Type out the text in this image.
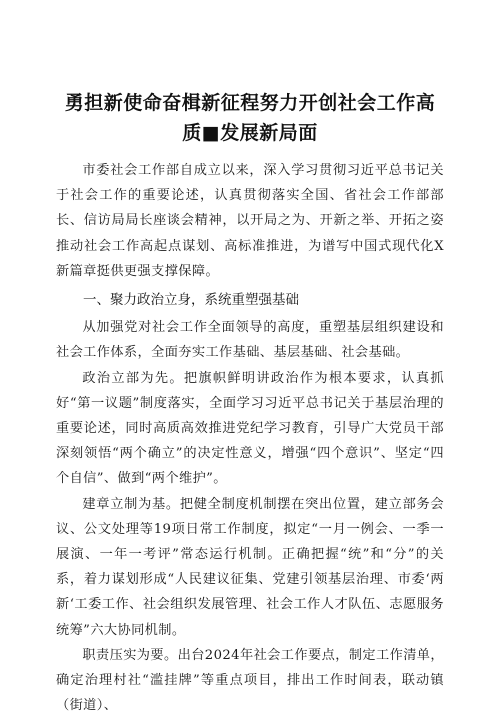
勇担新使命奋楫新征程努力开创社会工作高
质■发展新局面

市委社会工作部自成立以来，深入学习贯彻习近平总书记关于社会工作的重要论述，认真贯彻落实全国、省社会工作部部长、信访局局长座谈会精神，以开局之为、开新之举、开拓之姿推动社会工作高起点谋划、高标准推进，为谱写中国式现代化X新篇章挺供更强支撑保障。

一、聚力政治立身，系统重塑强基础

从加强党对社会工作全面领导的高度，重塑基层组织建设和社会工作体系，全面夯实工作基础、基层基础、社会基础。

政治立部为先。把旗帜鲜明讲政治作为根本要求，认真抓好“第一议题”制度落实，全面学习习近平总书记关于基层治理的重要论述，同时高质高效推进党纪学习教育，引导广大党员干部深刻领悟“两个确立”的决定性意义，增强“四个意识”、坚定“四个自信”、做到“两个维护”。

建章立制为基。把健全制度机制摆在突出位置，建立部务会议、公文处理等19项日常工作制度，拟定“一月一例会、一季一展演、一年一考评”常态运行机制。正确把握“统”和“分”的关系，着力谋划形成“人民建议征集、党建引领基层治理、市委‘两新‘工委工作、社会组织发展管理、社会工作人才队伍、志愿服务统筹”六大协同机制。

职责压实为要。出台2024年社会工作要点，制定工作清单，确定治理村社“滥挂牌”等重点项目，排出工作时间表，联动镇（街道）、
